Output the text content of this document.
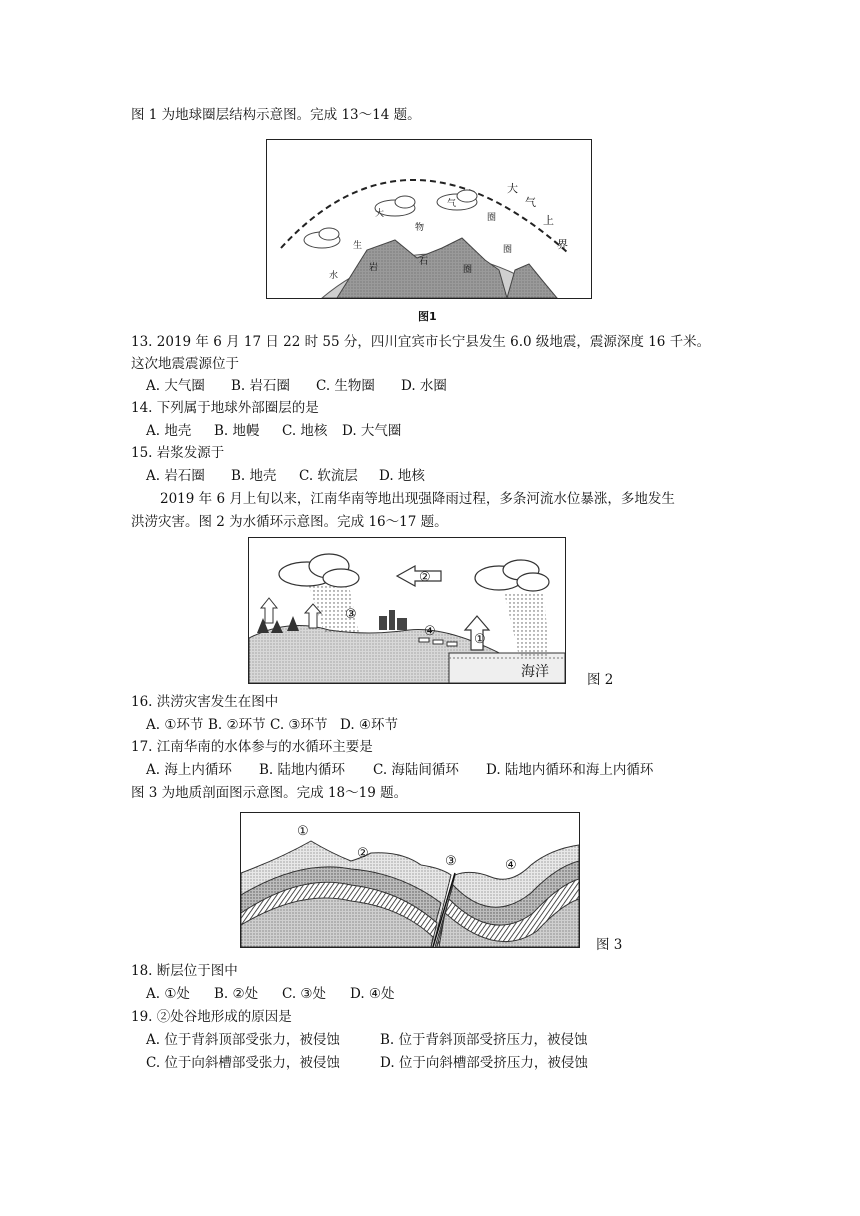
图 1 为地球圈层结构示意图。完成 13～14 题。
大
气
上
界
大
气
圈
生
物
圈
水
岩
石
圈
图1
13. 2019 年 6 月 17 日 22 时 55 分，四川宜宾市长宁县发生 6.0 级地震，震源深度 16 千米。
这次地震震源位于
A. 大气圈 B. 岩石圈 C. 生物圈 D. 水圈
14. 下列属于地球外部圈层的是
A. 地壳 B. 地幔 C. 地核 D. 大气圈
15. 岩浆发源于
A. 岩石圈 B. 地壳 C. 软流层 D. 地核
2019 年 6 月上旬以来，江南华南等地出现强降雨过程，多条河流水位暴涨，多地发生
洪涝灾害。图 2 为水循环示意图。完成 16～17 题。
①
②
③
④
海洋	图 2
16. 洪涝灾害发生在图中
A. ①环节 B. ②环节 C. ③环节 D. ④环节
17. 江南华南的水体参与的水循环主要是
A. 海上内循环 B. 陆地内循环 C. 海陆间循环 D. 陆地内循环和海上内循环
图 3 为地质剖面图示意图。完成 18～19 题。
①
②
③	④
图 3
18. 断层位于图中
A. ①处 B. ②处 C. ③处 D. ④处
19. ②处谷地形成的原因是
A. 位于背斜顶部受张力，被侵蚀	B. 位于背斜顶部受挤压力，被侵蚀
C. 位于向斜槽部受张力，被侵蚀	D. 位于向斜槽部受挤压力，被侵蚀
